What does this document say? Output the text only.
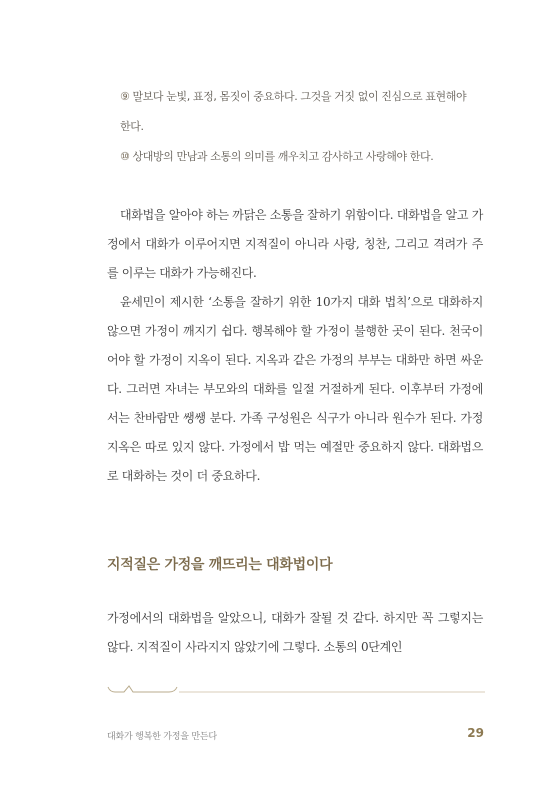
⑨ 말보다 눈빛, 표정, 몸짓이 중요하다. 그것을 거짓 없이 진심으로 표현해야
한다.
⑩ 상대방의 만남과 소통의 의미를 깨우치고 감사하고 사랑해야 한다.

대화법을 알아야 하는 까닭은 소통을 잘하기 위함이다. 대화법을 알고 가정에서 대화가 이루어지면 지적질이 아니라 사랑, 칭찬, 그리고 격려가 주를 이루는 대화가 가능해진다.

윤세민이 제시한 ‘소통을 잘하기 위한 10가지 대화 법칙’으로 대화하지 않으면 가정이 깨지기 쉽다. 행복해야 할 가정이 불행한 곳이 된다. 천국이어야 할 가정이 지옥이 된다. 지옥과 같은 가정의 부부는 대화만 하면 싸운다. 그러면 자녀는 부모와의 대화를 일절 거절하게 된다. 이후부터 가정에서는 찬바람만 쌩쌩 분다. 가족 구성원은 식구가 아니라 원수가 된다. 가정 지옥은 따로 있지 않다. 가정에서 밥 먹는 예절만 중요하지 않다. 대화법으로 대화하는 것이 더 중요하다.

지적질은 가정을 깨뜨리는 대화법이다

가정에서의 대화법을 알았으니, 대화가 잘될 것 같다. 하지만 꼭 그렇지는 않다. 지적질이 사라지지 않았기에 그렇다. 소통의 0단계인

대화가 행복한 가정을 만든다	29
